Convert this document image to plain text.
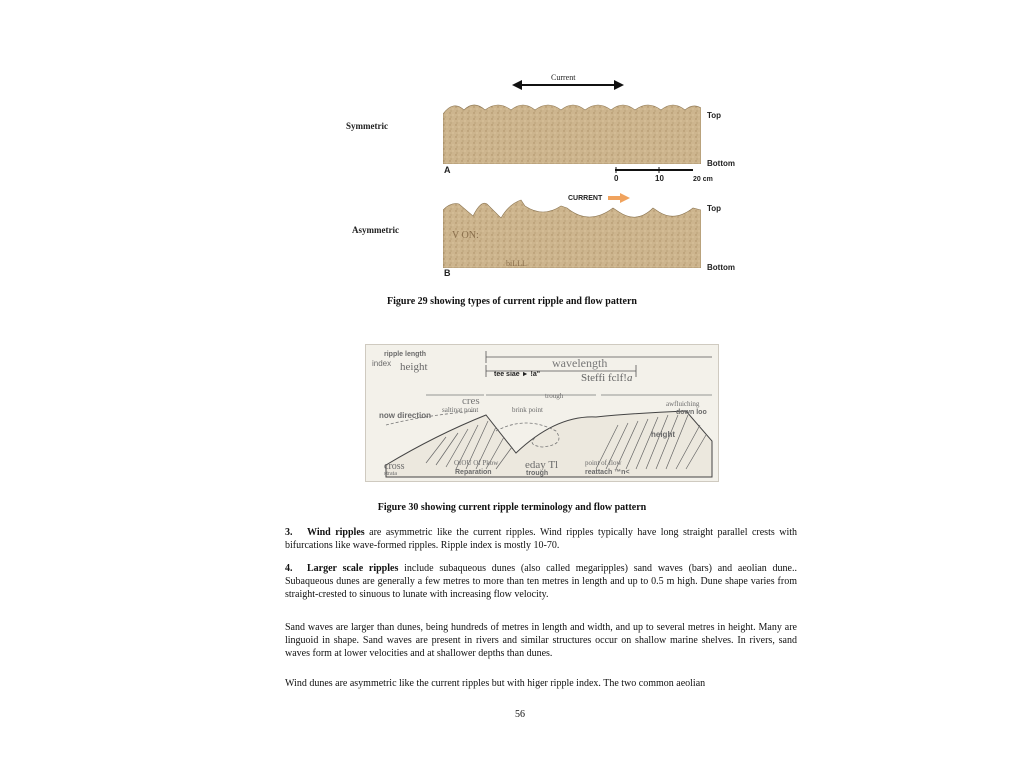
Current
Symmetric
Asymmetric
Top
Bottom
A
0	10	20 cm
CURRENT
Top
Bottom
B
V ON:
biLLL
Figure 29 showing types of current ripple and flow pattern
ripple length
index height	wavelength
tee siae ► !a"	Steffi fclf!a
cres	trough
saltinat point	brink point
now direction
awfluiching
down loo
height
cross
strata
OfOU Of Pkow
Reparation
eday Tl
trough
point of flow
reattach ™n<
Figure 30 showing current ripple terminology and flow pattern

3. Wind ripples are asymmetric like the current ripples. Wind ripples typically have long straight parallel crests with bifurcations like wave-formed ripples. Ripple index is mostly 10-70.

4. Larger scale ripples include subaqueous dunes (also called megaripples) sand waves (bars) and aeolian dune.. Subaqueous dunes are generally a few metres to more than ten metres in length and up to 0.5 m high. Dune shape varies from straight-crested to sinuous to lunate with increasing flow velocity.

Sand waves are larger than dunes, being hundreds of metres in length and width, and up to several metres in height. Many are linguoid in shape. Sand waves are present in rivers and similar structures occur on shallow marine shelves. In rivers, sand waves form at lower velocities and at shallower depths than dunes.

Wind dunes are asymmetric like the current ripples but with higer ripple index. The two common aeolian

56
